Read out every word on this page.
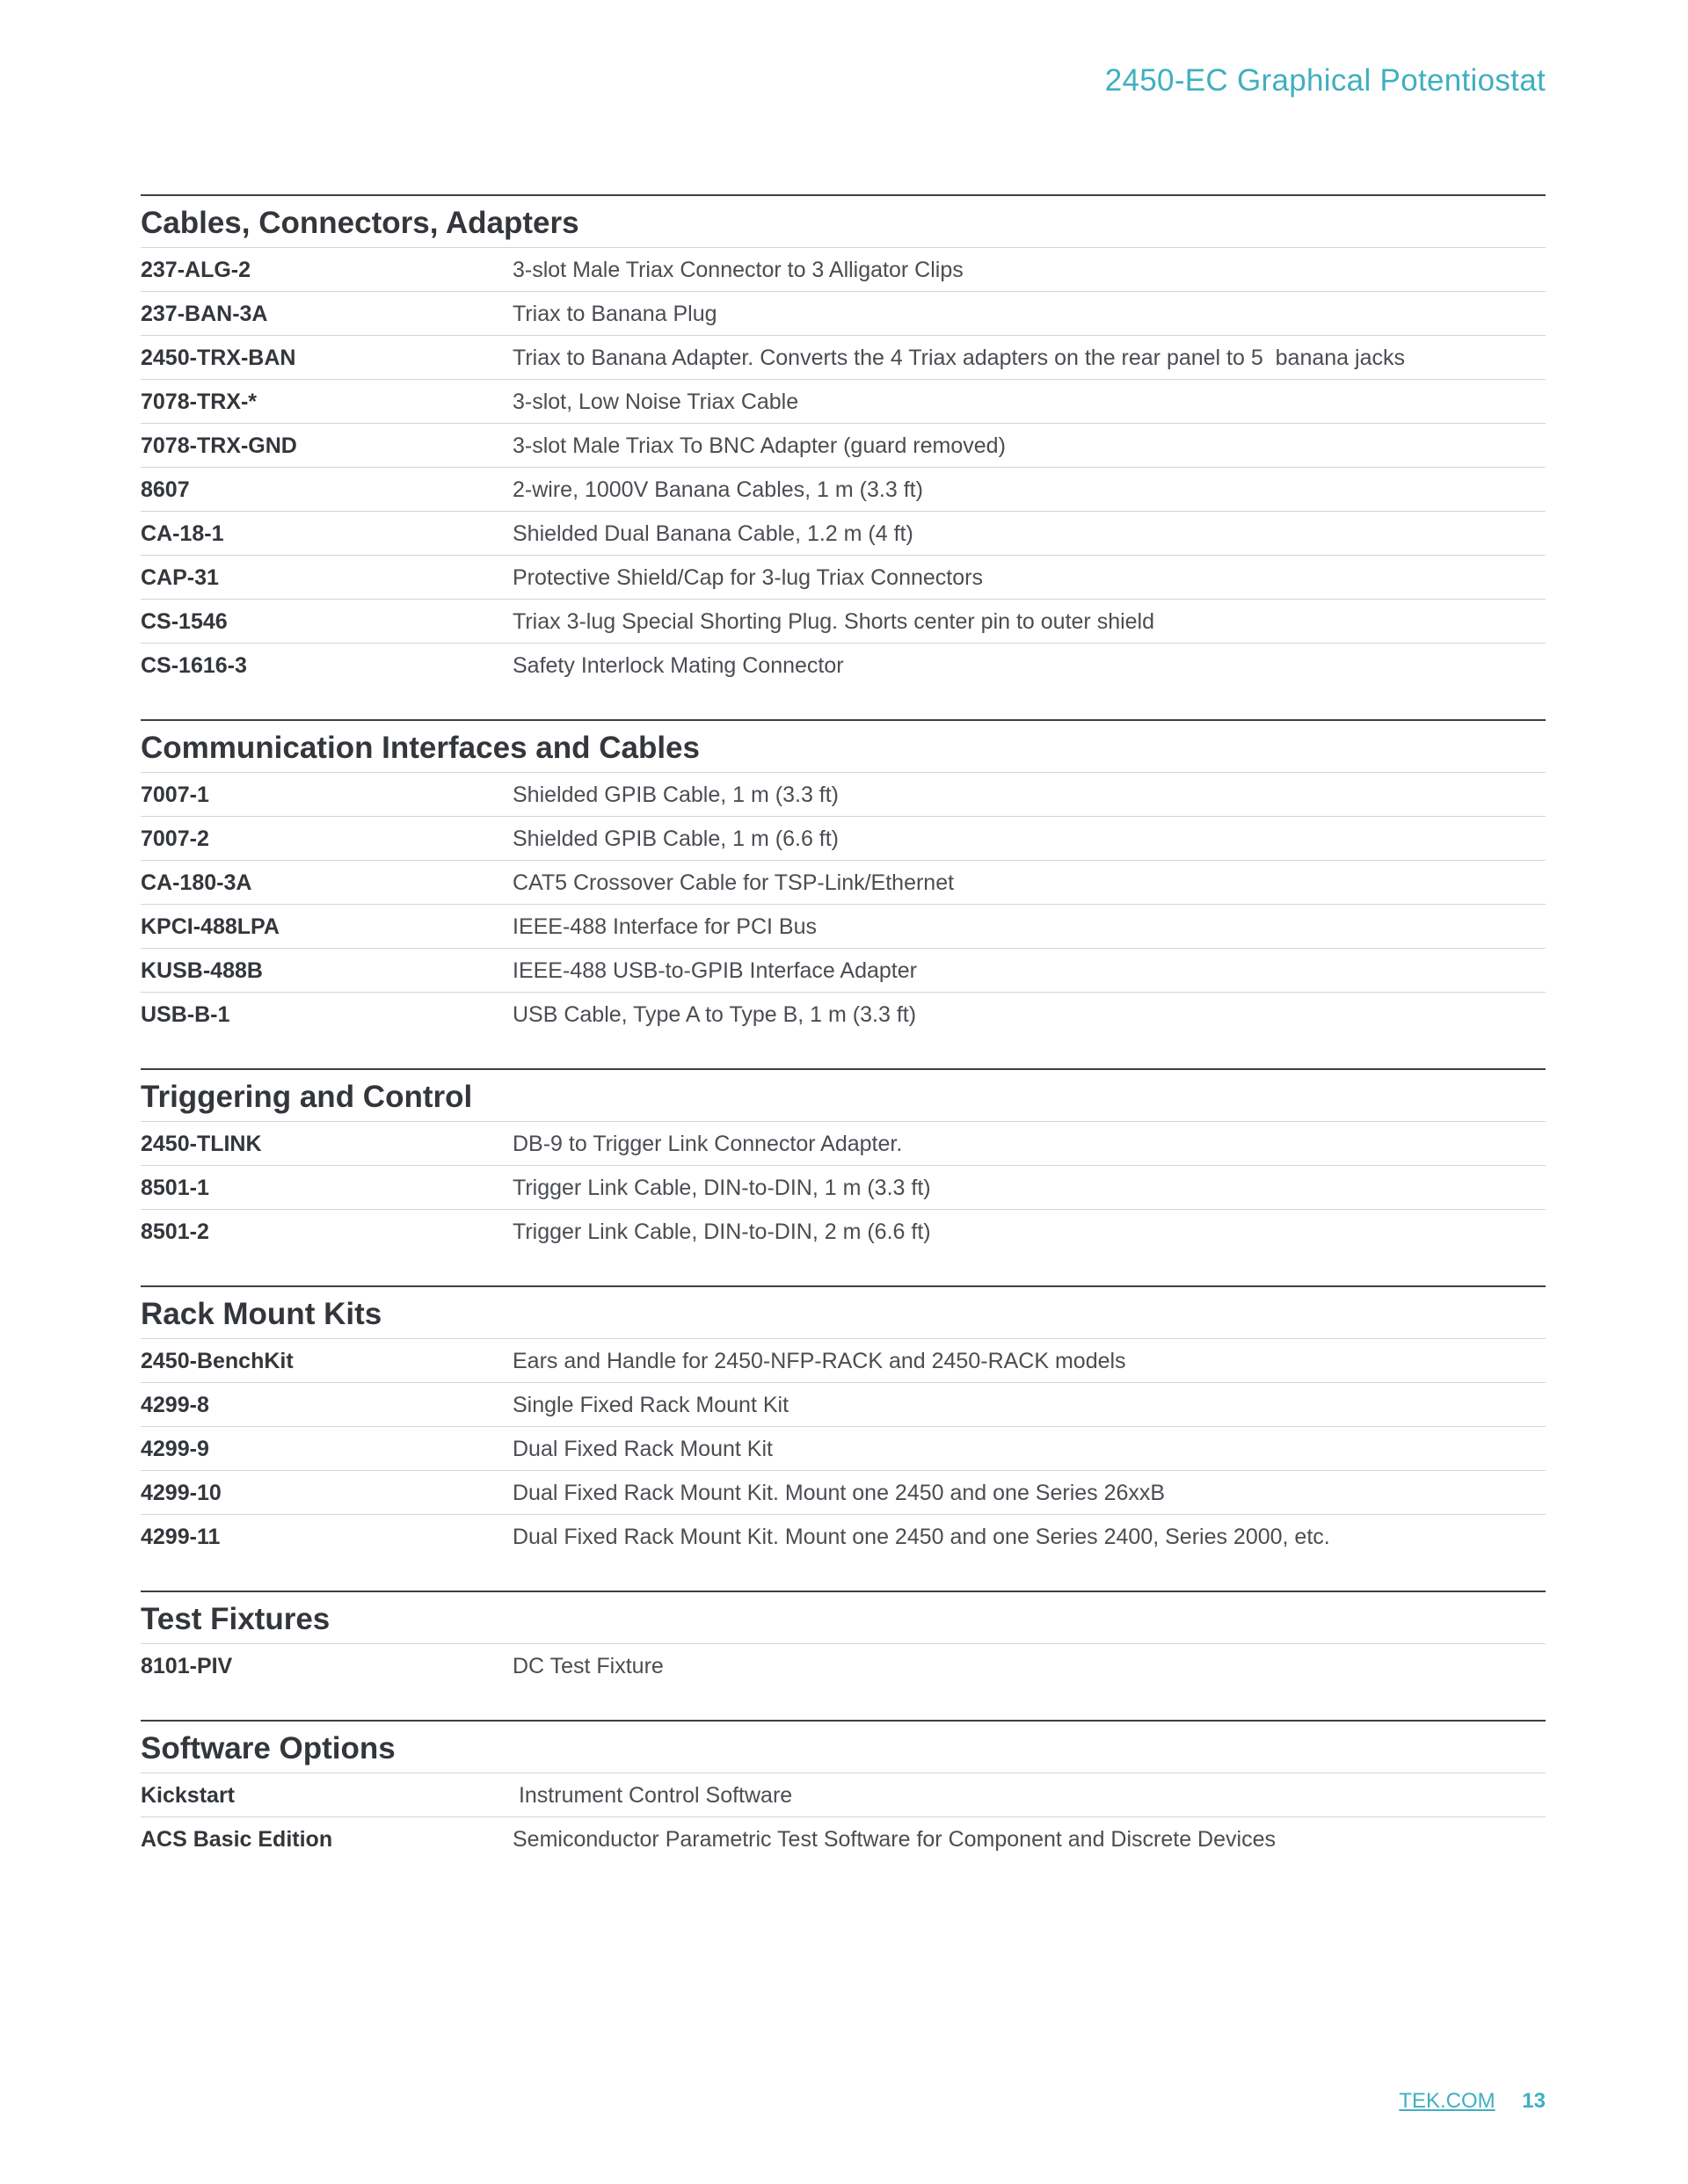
2450-EC Graphical Potentiostat
Cables, Connectors, Adapters
237-ALG-2	3-slot Male Triax Connector to 3 Alligator Clips
237-BAN-3A	Triax to Banana Plug
2450-TRX-BAN	Triax to Banana Adapter. Converts the 4 Triax adapters on the rear panel to 5  banana jacks
7078-TRX-*	3-slot, Low Noise Triax Cable
7078-TRX-GND	3-slot Male Triax To BNC Adapter (guard removed)
8607	2-wire, 1000V Banana Cables, 1 m (3.3 ft)
CA-18-1	Shielded Dual Banana Cable, 1.2 m (4 ft)
CAP-31	Protective Shield/Cap for 3-lug Triax Connectors
CS-1546	Triax 3-lug Special Shorting Plug. Shorts center pin to outer shield
CS-1616-3	Safety Interlock Mating Connector
Communication Interfaces and Cables
7007-1	Shielded GPIB Cable, 1 m (3.3 ft)
7007-2	Shielded GPIB Cable, 1 m (6.6 ft)
CA-180-3A	CAT5 Crossover Cable for TSP-Link/Ethernet
KPCI-488LPA	IEEE-488 Interface for PCI Bus
KUSB-488B	IEEE-488 USB-to-GPIB Interface Adapter
USB-B-1	USB Cable, Type A to Type B, 1 m (3.3 ft)
Triggering and Control
2450-TLINK	DB-9 to Trigger Link Connector Adapter.
8501-1	Trigger Link Cable, DIN-to-DIN, 1 m (3.3 ft)
8501-2	Trigger Link Cable, DIN-to-DIN, 2 m (6.6 ft)
Rack Mount Kits
2450-BenchKit	Ears and Handle for 2450-NFP-RACK and 2450-RACK models
4299-8	Single Fixed Rack Mount Kit
4299-9	Dual Fixed Rack Mount Kit
4299-10	Dual Fixed Rack Mount Kit. Mount one 2450 and one Series 26xxB
4299-11	Dual Fixed Rack Mount Kit. Mount one 2450 and one Series 2400, Series 2000, etc.
Test Fixtures
8101-PIV	DC Test Fixture
Software Options
Kickstart	Instrument Control Software
ACS Basic Edition	Semiconductor Parametric Test Software for Component and Discrete Devices
TEK.COM 13
